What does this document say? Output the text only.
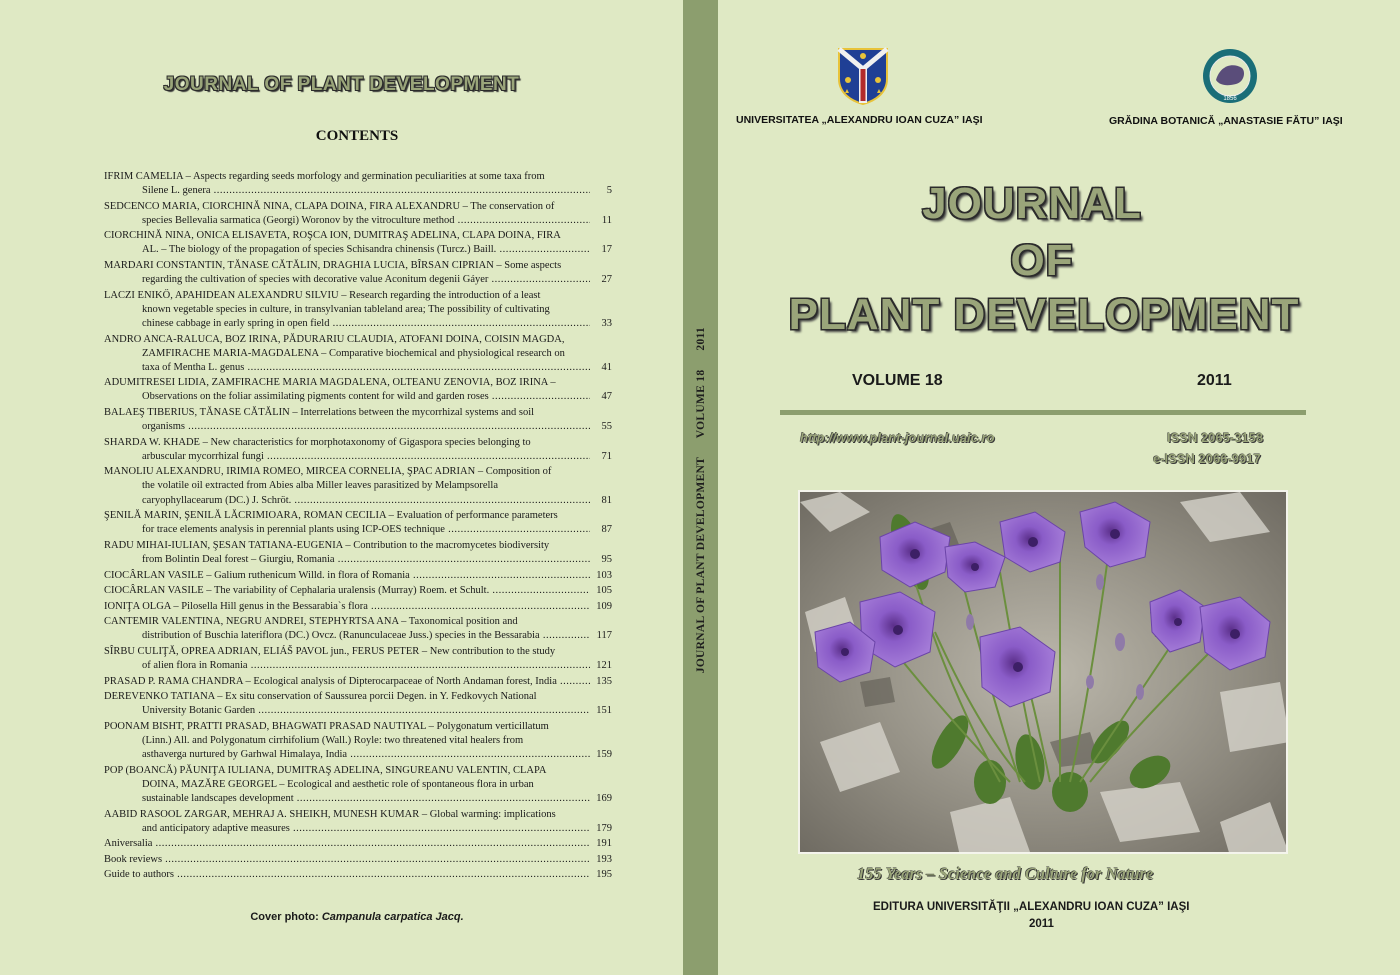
JOURNAL OF PLANT DEVELOPMENT
CONTENTS
IFRIM CAMELIA – Aspects regarding seeds morfology and germination peculiarities at some taxa from
Silene L. genera .....	5
SEDCENCO MARIA, CIORCHINĂ NINA, CLAPA DOINA, FIRA ALEXANDRU – The conservation of
species Bellevalia sarmatica (Georgi) Woronov by the vitroculture method .....	11
CIORCHINĂ NINA, ONICA ELISAVETA, ROŞCA ION, DUMITRAŞ ADELINA, CLAPA DOINA, FIRA
AL. – The biology of the propagation of species Schisandra chinensis (Turcz.) Baill. .....	17
MARDARI CONSTANTIN, TĂNASE CĂTĂLIN, DRAGHIA LUCIA, BÎRSAN CIPRIAN – Some aspects
regarding the cultivation of species with decorative value Aconitum degenii Gáyer .....	27
LACZI ENIKŐ, APAHIDEAN ALEXANDRU SILVIU – Research regarding the introduction of a least
known vegetable species in culture, in transylvanian tableland area; The possibility of cultivating
chinese cabbage in early spring in open field .....	33
ANDRO ANCA-RALUCA, BOZ IRINA, PĂDURARIU CLAUDIA, ATOFANI DOINA, COISIN MAGDA,
ZAMFIRACHE MARIA-MAGDALENA – Comparative biochemical and physiological research on
taxa of Mentha L. genus .....	41
ADUMITRESEI LIDIA, ZAMFIRACHE MARIA MAGDALENA, OLTEANU ZENOVIA, BOZ IRINA –
Observations on the foliar assimilating pigments content for wild and garden roses .....	47
BALAEŞ TIBERIUS, TĂNASE CĂTĂLIN – Interrelations between the mycorrhizal systems and soil
organisms .....	55
SHARDA W. KHADE – New characteristics for morphotaxonomy of Gigaspora species belonging to
arbuscular mycorrhizal fungi .....	71
MANOLIU ALEXANDRU, IRIMIA ROMEO, MIRCEA CORNELIA, ŞPAC ADRIAN – Composition of
the volatile oil extracted from Abies alba Miller leaves parasitized by Melampsorella
caryophyllacearum (DC.) J. Schröt. .....	81
ŞENILĂ MARIN, ŞENILĂ LĂCRIMIOARA, ROMAN CECILIA – Evaluation of performance parameters
for trace elements analysis in perennial plants using ICP-OES technique .....	87
RADU MIHAI-IULIAN, ŞESAN TATIANA-EUGENIA – Contribution to the macromycetes biodiversity
from Bolintin Deal forest – Giurgiu, Romania .....	95
CIOCÂRLAN VASILE – Galium ruthenicum Willd. in flora of Romania .....	103
CIOCÂRLAN VASILE – The variability of Cephalaria uralensis (Murray) Roem. et Schult. .....	105
IONIŢA OLGA – Pilosella Hill genus in the Bessarabia`s flora .....	109
CANTEMIR VALENTINA, NEGRU ANDREI, STEPHYRTSA ANA – Taxonomical position and
distribution of Buschia lateriflora (DC.) Ovcz. (Ranunculaceae Juss.) species in the Bessarabia .....	117
SÎRBU CULIŢĂ, OPREA ADRIAN, ELIÁŠ PAVOL jun., FERUS PETER – New contribution to the study
of alien flora in Romania .....	121
PRASAD P. RAMA CHANDRA – Ecological analysis of Dipterocarpaceae of North Andaman forest, India .....	135
DEREVENKO TATIANA – Ex situ conservation of Saussurea porcii Degen. in Y. Fedkovych National
University Botanic Garden .....	151
POONAM BISHT, PRATTI PRASAD, BHAGWATI PRASAD NAUTIYAL – Polygonatum verticillatum
(Linn.) All. and Polygonatum cirrhifolium (Wall.) Royle: two threatened vital healers from
asthaverga nurtured by Garhwal Himalaya, India .....	159
POP (BOANCĂ) PĂUNIŢA IULIANA, DUMITRAŞ ADELINA, SINGUREANU VALENTIN, CLAPA
DOINA, MAZĂRE GEORGEL – Ecological and aesthetic role of spontaneous flora in urban
sustainable landscapes development .....	169
AABID RASOOL ZARGAR, MEHRAJ A. SHEIKH, MUNESH KUMAR – Global warming: implications
and anticipatory adaptive measures .....	179
Aniversalia .....	191
Book reviews .....	193
Guide to authors .....	195
Cover photo: Campanula carpatica Jacq.
JOURNAL OF PLANT DEVELOPMENT      VOLUME 18      2011
1856
UNIVERSITATEA „ALEXANDRU IOAN CUZA” IAŞI	GRĂDINA BOTANICĂ „ANASTASIE FĂTU” IAŞI
JOURNAL
OF
PLANT DEVELOPMENT
VOLUME 18	2011
http://www.plant-journal.uaic.ro	ISSN 2065-3158
e-ISSN 2066-9917
155 Years – Science and Culture for Nature
EDITURA UNIVERSITĂŢII „ALEXANDRU IOAN CUZA” IAŞI
2011
